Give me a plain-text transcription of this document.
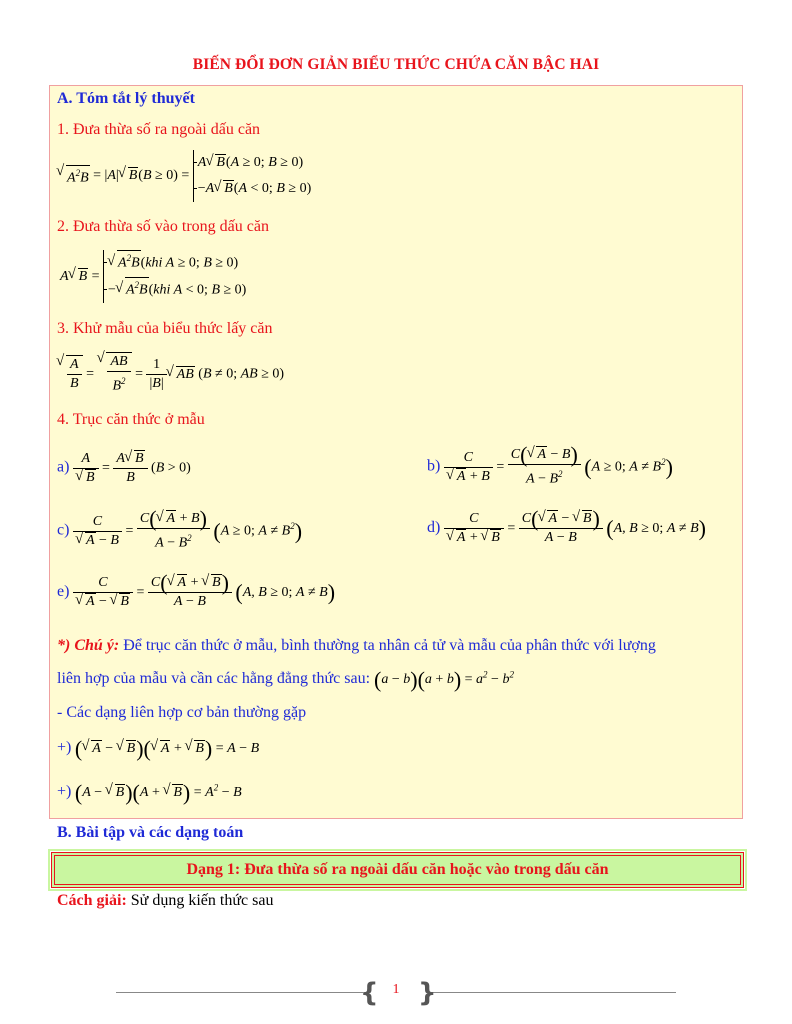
BIẾN ĐỔI ĐƠN GIẢN BIỂU THỨC CHỨA CĂN BẬC HAI
A. Tóm tắt lý thuyết
1. Đưa thừa số ra ngoài dấu căn
√ $A^2B = |A|√$ B(B ≥ 0) =
A√ B(A ≥ 0; B ≥ 0)
−A√ B(A < 0; B ≥ 0)
2. Đưa thừa số vào trong dấu căn
A√ B =
√ $A^2B(khi$ A ≥ 0; B ≥ 0)
−√ $A^2B(khi$ A < 0; B ≥ 0)
3. Khử mẫu của biểu thức lấy căn
√ $\frac{A}{B}$ =
√ $\frac{AB}{B^2} = \frac{1}{|B|}$
√ AB (B ≠ 0; AB ≥ 0)
4. Trục căn thức ở mẫu
a) A
√ $B = \frac{A√ B}{B} (B > 0)$	b) C
√ $A + B = \frac{C(√ A - B)}{A - B^2} (A \ge 0$; $A \ne B^2$)
c) C
√ $A - B = \frac{C(√ A + B)}{A - B^2} (A \ge 0$; $A \ne B^2$)	d) C
√ A + √ $B = \frac{C(√ A - √ B)}{A - B} (A$, B ≥ 0; A ≠ B)
e) C
√ A − √ $B = \frac{C(√ A + √ B)}{A - B} (A$, B ≥ 0; A ≠ B)
*) Chú ý: Để trục căn thức ở mẫu, bình thường ta nhân cả tử và mẫu của phân thức với lượng
liên hợp của mẫu và cần các hằng đẳng thức sau: $(a - b)(a + b) = a^2 - b^2$
- Các dạng liên hợp cơ bản thường gặp
+) (√ A − √ B)(√ A + √ B) = A − B
+) (A − √ B)(A + √ $B) = A^2 - B$
B. Bài tập và các dạng toán
Dạng 1: Đưa thừa số ra ngoài dấu căn hoặc vào trong dấu căn
Cách giải: Sử dụng kiến thức sau
{ }
1
